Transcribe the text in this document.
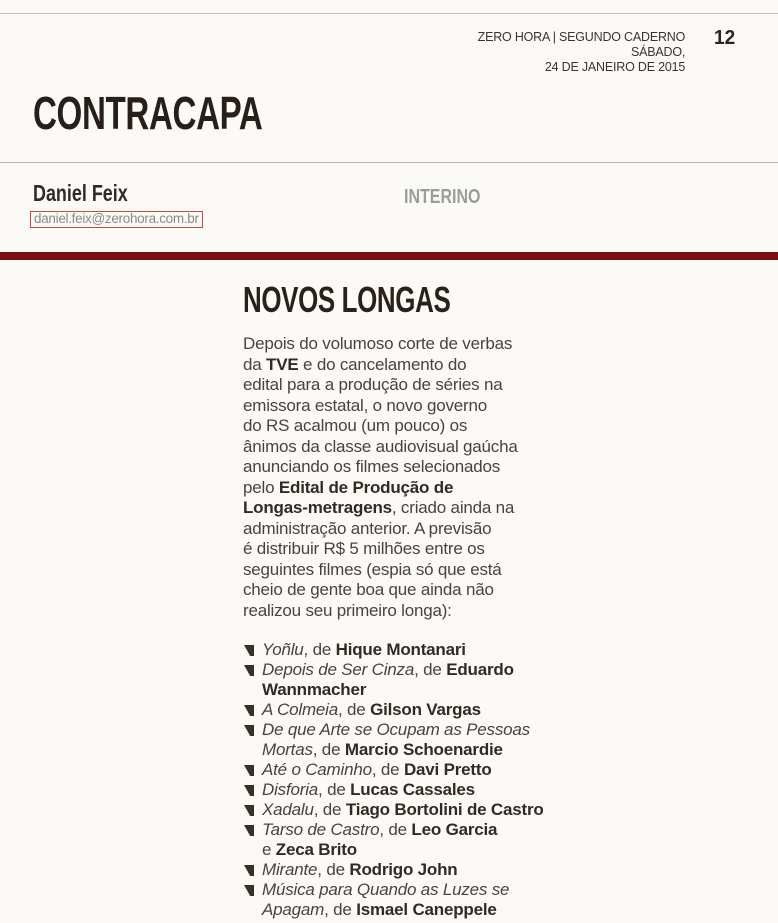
ZERO HORA | SEGUNDO CADERNO
SÁBADO,
24 DE JANEIRO DE 2015
12
CONTRACAPA
Daniel Feix
daniel.feix@zerohora.com.br
INTERINO
NOVOS LONGAS

Depois do volumoso corte de verbas
da TVE e do cancelamento do
edital para a produção de séries na
emissora estatal, o novo governo
do RS acalmou (um pouco) os
ânimos da classe audiovisual gaúcha
anunciando os filmes selecionados
pelo Edital de Produção de
Longas-metragens, criado ainda na
administração anterior. A previsão
é distribuir R$ 5 milhões entre os
seguintes filmes (espia só que está
cheio de gente boa que ainda não
realizou seu primeiro longa):

Yoñlu, de Hique Montanari
Depois de Ser Cinza, de Eduardo
Wannmacher
A Colmeia, de Gilson Vargas
De que Arte se Ocupam as Pessoas
Mortas, de Marcio Schoenardie
Até o Caminho, de Davi Pretto
Disforia, de Lucas Cassales
Xadalu, de Tiago Bortolini de Castro
Tarso de Castro, de Leo Garcia
e Zeca Brito
Mirante, de Rodrigo John
Música para Quando as Luzes se
Apagam, de Ismael Caneppele
